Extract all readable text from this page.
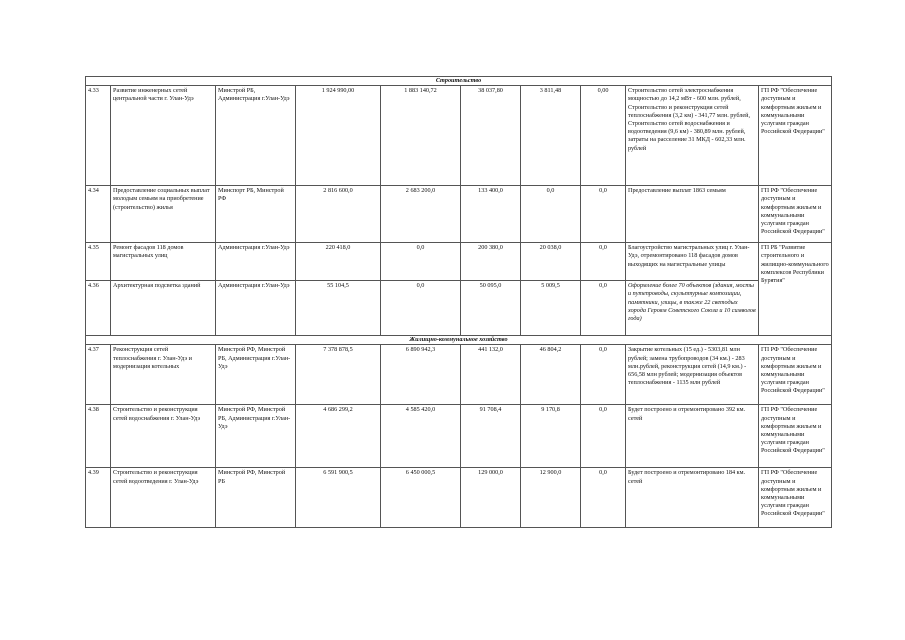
Строительство									
4.33	Развитие инженерных сетей центральной части г. Улан-Удэ	Минстрой РБ, Администрация г.Улан-Удэ	1 924 990,00	1 883 140,72	38 037,80	3 811,48	0,00	Строительство сетей электроснабжения мощностью до 14,2 мВт - 600 млн. рублей, Строительство и реконструкция сетей теплоснабжения (3,2 км) - 341,77 млн. рублей, Строительство сетей водоснабжения и водоотведения (9,6 км) - 380,89 млн. рублей, затраты на расселение 31 МКД - 602,33 млн. рублей	ГП РФ "Обеспечение доступным и комфортным жильем и коммунальными услугами граждан Российской Федерации"
4.34	Предоставление социальных выплат молодым семьям на приобретение (строительство) жилья	Минспорт РБ, Минстрой РФ	2 816 600,0	2 683 200,0	133 400,0	0,0	0,0	Предоставление выплат 1863 семьям	ГП РФ "Обеспечение доступным и комфортным жильем и коммунальными услугами граждан Российской Федерации"
4.35	Ремонт фасадов 118 домов магистральных улиц	Администрация г.Улан-Удэ	220 418,0	0,0	200 380,0	20 038,0	0,0	Благоустройство магистральных улиц г. Улан-Удэ, отремонтировано 118 фасадов домов выходящих на магистральные улицы	ГП РБ "Развитие строительного и жилищно-коммунального комплексов Республики Бурятия"
4.36	Архитектурная подсветка зданий	Администрация г.Улан-Удэ	55 104,5	0,0	50 095,0	5 009,5	0,0	Оформление более 70 объектов (здания, мосты и путепроводы, скульптурные композиции, памятники, улицы, в также 22 светодых хорода Героям Советского Союза и 10 символов года)	
Жилищно-коммунальное хозяйство									
4.37	Реконструкция сетей теплоснабжения г. Улан-Удэ и модернизация котельных	Минстрой РФ, Минстрой РБ, Администрация г.Улан-Удэ	7 378 878,5	6 890 942,3	441 132,0	46 804,2	0,0	Закрытие котельных (15 ед.) - 5303,81 млн рублей; замена трубопроводов (34 км.) - 283 млн.рублей, реконструкция сетей (14,9 км.) - 656,58 млн рублей; модернизация объектов теплоснабжения - 1135 млн рублей	ГП РФ "Обеспечение доступным и комфортным жильем и коммунальными услугами граждан Российской Федерации"
4.38	Строительство и реконструкция сетей водоснабжения г. Улан-Удэ	Минстрой РФ, Минстрой РБ, Администрация г.Улан-Удэ	4 686 299,2	4 585 420,0	91 708,4	9 170,8	0,0	Будет построено и отремонтировано 392 км. сетей	ГП РФ "Обеспечение доступным и комфортным жильем и коммунальными услугами граждан Российской Федерации"
4.39	Строительство и реконструкция сетей водоотведения г. Улан-Удэ	Минстрой РФ, Минстрой РБ	6 591 900,5	6 450 000,5	129 000,0	12 900,0	0,0	Будет построено и отремонтировано 184 км. сетей	ГП РФ "Обеспечение доступным и комфортным жильем и коммунальными услугами граждан Российской Федерации"
